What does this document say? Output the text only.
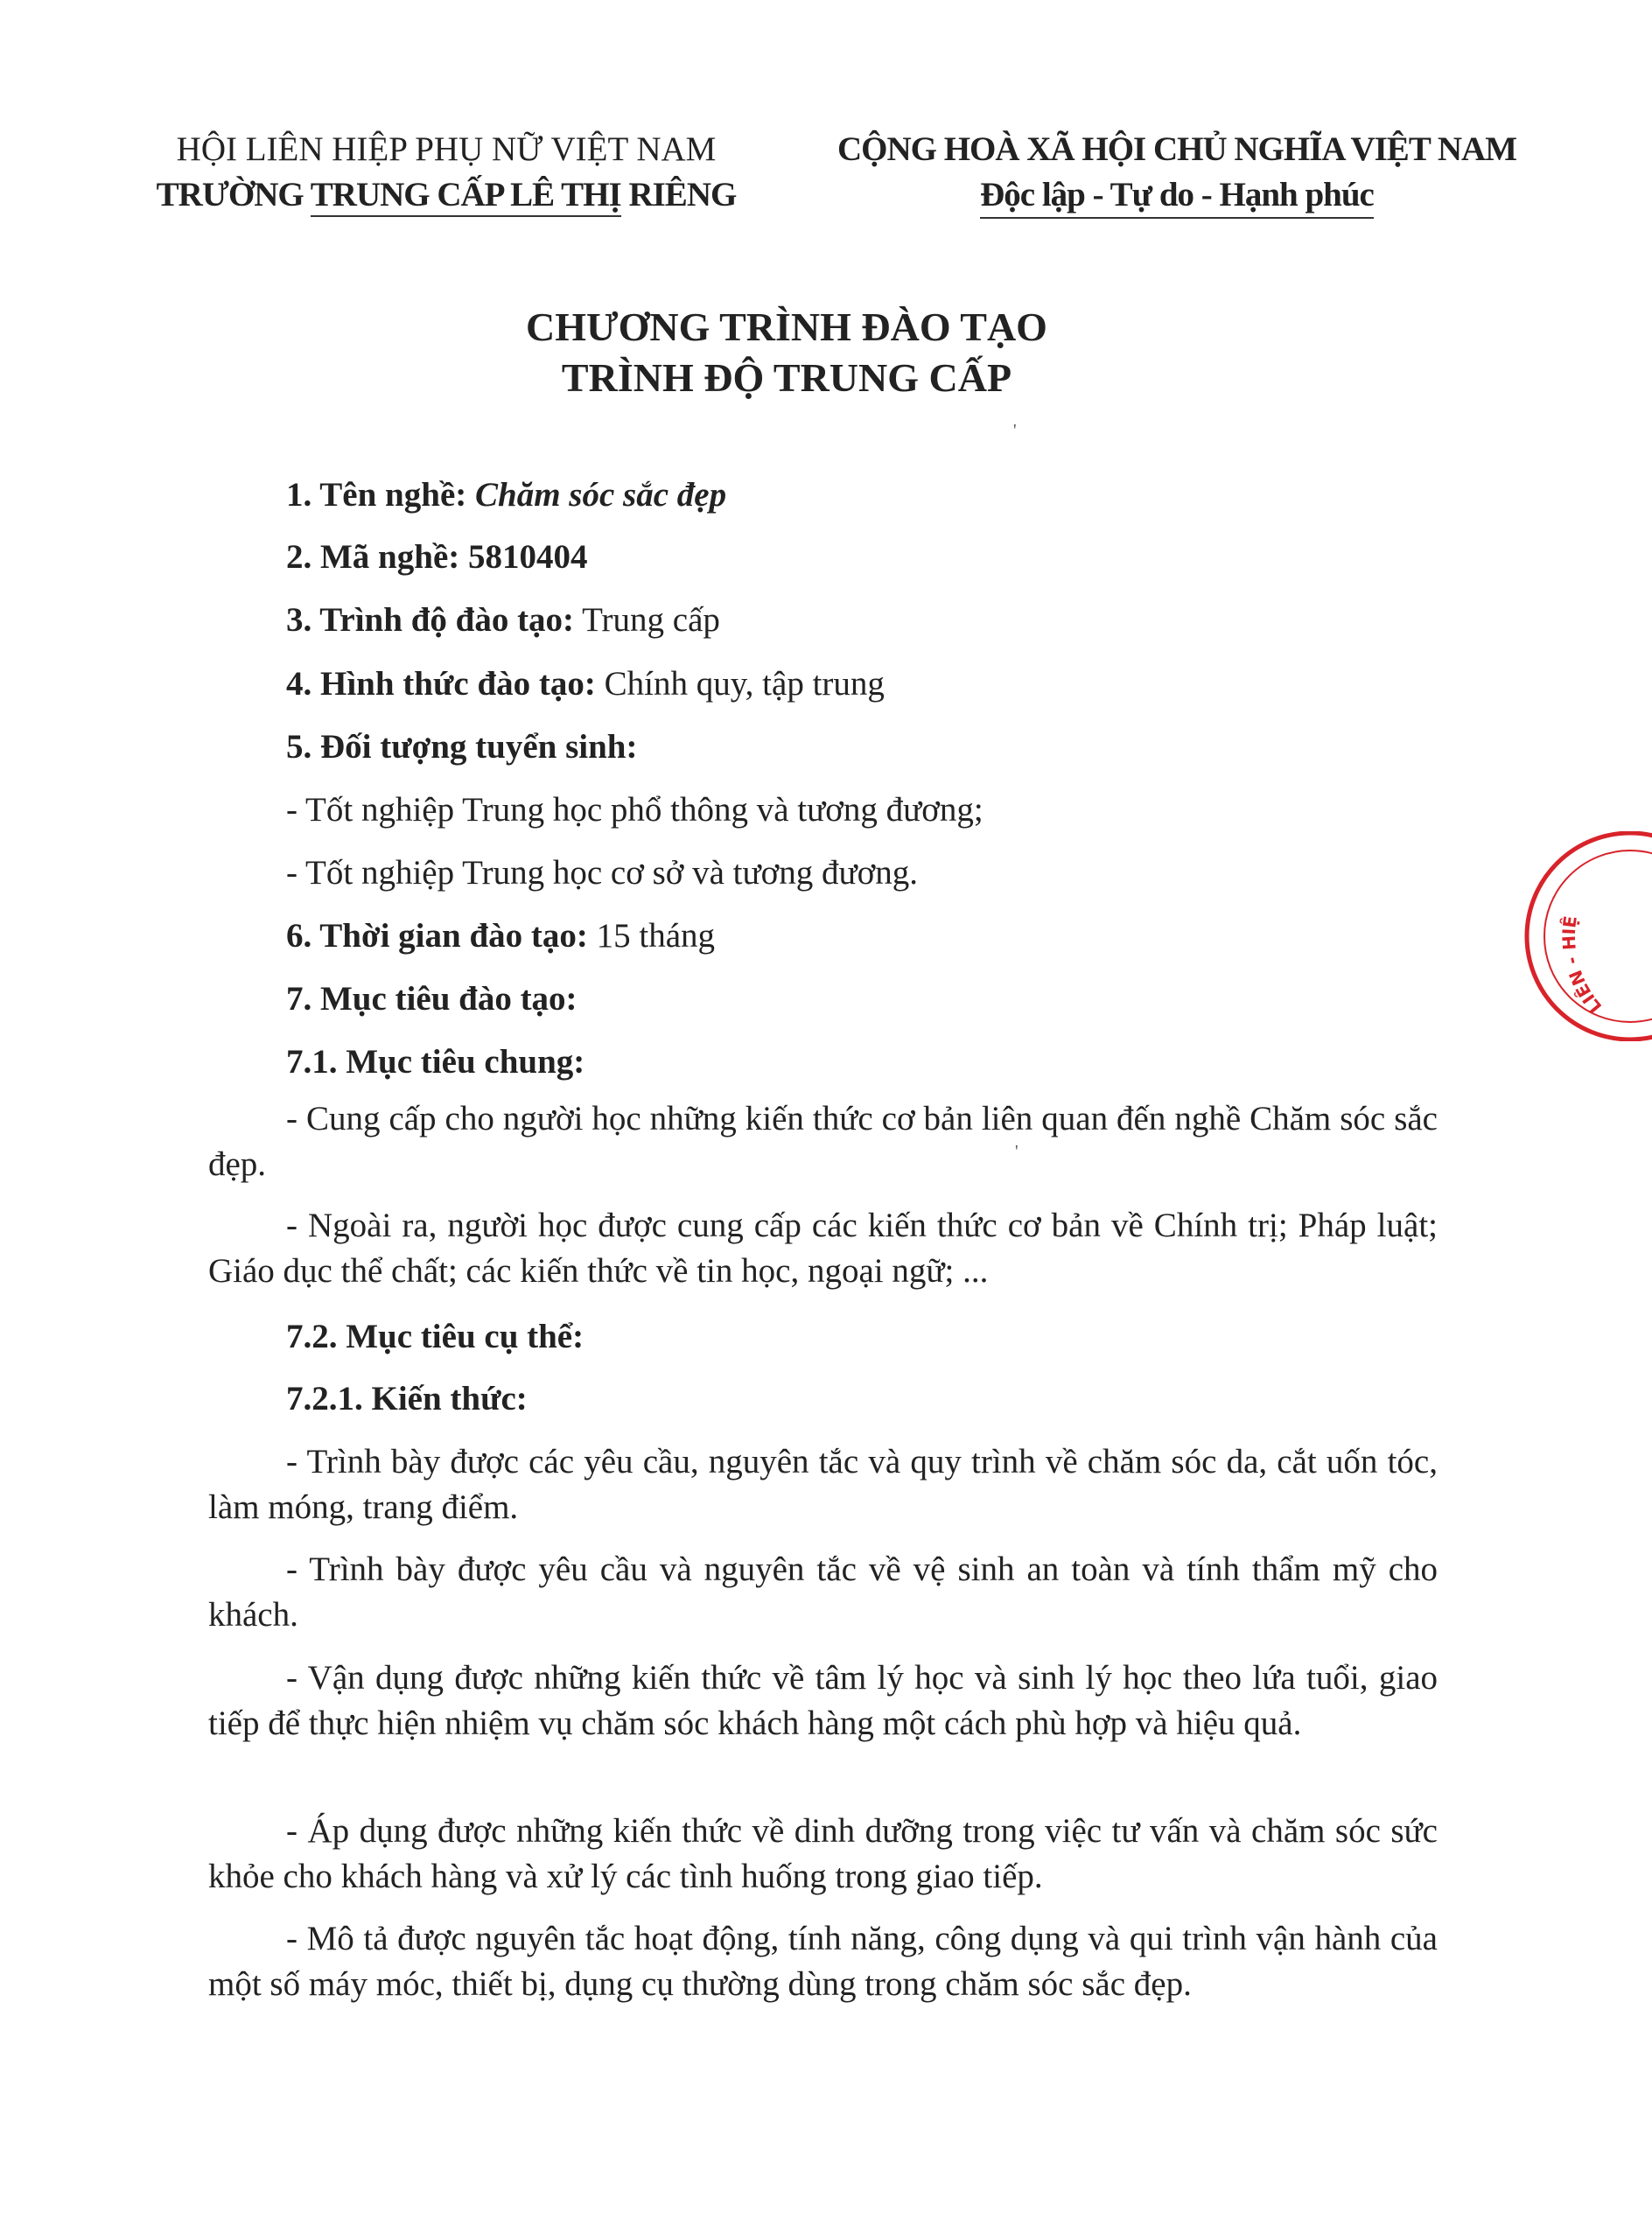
HỘI LIÊN HIỆP PHỤ NỮ VIỆT NAM
TRƯỜNG TRUNG CẤP LÊ THỊ RIÊNG
CỘNG HOÀ XÃ HỘI CHỦ NGHĨA VIỆT NAM
Độc lập - Tự do - Hạnh phúc
CHƯƠNG TRÌNH ĐÀO TẠO
TRÌNH ĐỘ TRUNG CẤP
1. Tên nghề: Chăm sóc sắc đẹp
2. Mã nghề: 5810404
3. Trình độ đào tạo: Trung cấp
4. Hình thức đào tạo: Chính quy, tập trung
5. Đối tượng tuyển sinh:
- Tốt nghiệp Trung học phổ thông và tương đương;
- Tốt nghiệp Trung học cơ sở và tương đương.
6. Thời gian đào tạo: 15 tháng
7. Mục tiêu đào tạo:
7.1. Mục tiêu chung:
- Cung cấp cho người học những kiến thức cơ bản liên quan đến nghề Chăm sóc sắc đẹp.
- Ngoài ra, người học được cung cấp các kiến thức cơ bản về Chính trị; Pháp luật; Giáo dục thể chất; các kiến thức về tin học, ngoại ngữ; ...
7.2. Mục tiêu cụ thể:
7.2.1. Kiến thức:
- Trình bày được các yêu cầu, nguyên tắc và quy trình về chăm sóc da, cắt uốn tóc, làm móng, trang điểm.
- Trình bày được yêu cầu và nguyên tắc về vệ sinh an toàn và tính thẩm mỹ cho khách.
- Vận dụng được những kiến thức về tâm lý học và sinh lý học theo lứa tuổi, giao tiếp để thực hiện nhiệm vụ chăm sóc khách hàng một cách phù hợp và hiệu quả.
- Áp dụng được những kiến thức về dinh dưỡng trong việc tư vấn và chăm sóc sức khỏe cho khách hàng và xử lý các tình huống trong giao tiếp.
- Mô tả được nguyên tắc hoạt động, tính năng, công dụng và qui trình vận hành của một số máy móc, thiết bị, dụng cụ thường dùng trong chăm sóc sắc đẹp.
LIÊN - HIỆ
'
'
